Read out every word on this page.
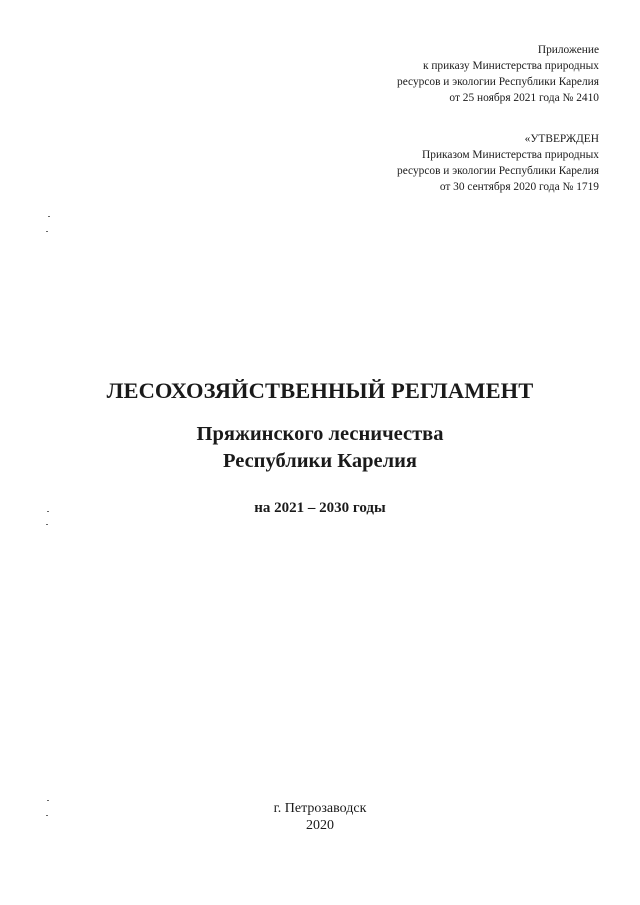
Приложение
к приказу Министерства природных
ресурсов и экологии Республики Карелия
от 25 ноября 2021 года № 2410
«УТВЕРЖДЕН
Приказом Министерства природных
ресурсов и экологии Республики Карелия
от 30 сентября 2020 года № 1719
ЛЕСОХОЗЯЙСТВЕННЫЙ РЕГЛАМЕНТ
Пряжинского лесничества
Республики Карелия
на 2021 – 2030 годы
г. Петрозаводск
2020
